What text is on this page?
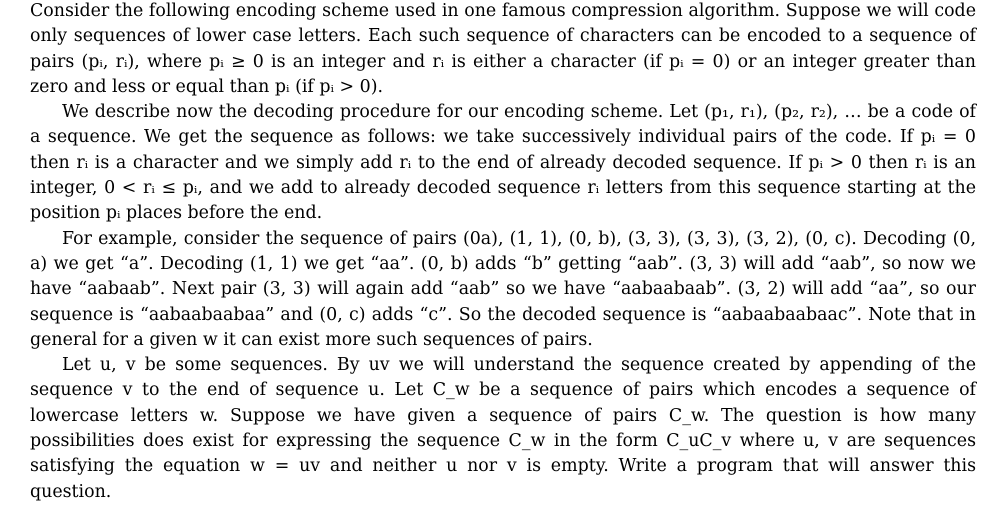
Consider the following encoding scheme used in one famous compression algorithm. Suppose we will code only sequences of lower case letters. Each such sequence of characters can be encoded to a sequence of pairs (pᵢ, rᵢ), where pᵢ ≥ 0 is an integer and rᵢ is either a character (if pᵢ = 0) or an integer greater than zero and less or equal than pᵢ (if pᵢ > 0).

We describe now the decoding procedure for our encoding scheme. Let (p₁, r₁), (p₂, r₂), … be a code of a sequence. We get the sequence as follows: we take successively individual pairs of the code. If pᵢ = 0 then rᵢ is a character and we simply add rᵢ to the end of already decoded sequence. If pᵢ > 0 then rᵢ is an integer, 0 < rᵢ ≤ pᵢ, and we add to already decoded sequence rᵢ letters from this sequence starting at the position pᵢ places before the end.

For example, consider the sequence of pairs (0a), (1, 1), (0, b), (3, 3), (3, 3), (3, 2), (0, c). Decoding (0, a) we get “a”. Decoding (1, 1) we get “aa”. (0, b) adds “b” getting “aab”. (3, 3) will add “aab”, so now we have “aabaab”. Next pair (3, 3) will again add “aab” so we have “aabaabaab”. (3, 2) will add “aa”, so our sequence is “aabaabaabaa” and (0, c) adds “c”. So the decoded sequence is “aabaabaabaac”. Note that in general for a given w it can exist more such sequences of pairs.

Let u, v be some sequences. By uv we will understand the sequence created by appending of the sequence v to the end of sequence u. Let C_w be a sequence of pairs which encodes a sequence of lowercase letters w. Suppose we have given a sequence of pairs C_w. The question is how many possibilities does exist for expressing the sequence C_w in the form C_uC_v where u, v are sequences satisfying the equation w = uv and neither u nor v is empty. Write a program that will answer this question.
